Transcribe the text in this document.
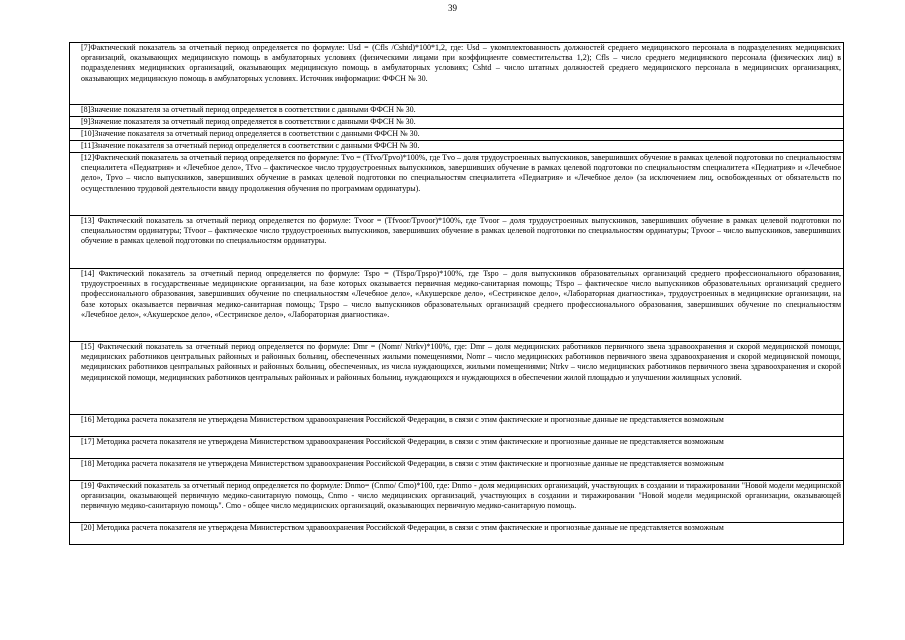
39
[7]Фактический показатель за отчетный период определяется по формуле: Usd = (Cfls /Cshtd)*100*1,2, где: Usd – укомплектованность должностей среднего медицинского персонала в подразделениях медицинских организаций, оказывающих медицинскую помощь в амбулаторных условиях (физическими лицами при коэффициенте совместительства 1,2); Cfls – число среднего медицинского персонала (физических лиц) в подразделениях медицинских организаций, оказывающих медицинскую помощь в амбулаторных условиях; Cshtd – число штатных должностей среднего медицинского персонала в медицинских организациях, оказывающих медицинскую помощь в амбулаторных условиях. Источник информации: ФФСН № 30.
[8]Значение показателя за отчетный период определяется в соответствии с данными ФФСН № 30.
[9]Значение показателя за отчетный период определяется в соответствии с данными ФФСН № 30.
[10]Значение показателя за отчетный период определяется в соответствии с данными ФФСН № 30.
[11]Значение показателя за отчетный период определяется в соответствии с данными ФФСН № 30.
[12]Фактический показатель за отчетный период определяется по формуле: Tvo = (Tfvo/Tpvo)*100%, где Tvo – доля трудоустроенных выпускников, завершивших обучение в рамках целевой подготовки по специальностям специалитета «Педиатрия» и «Лечебное дело», Tfvo – фактическое число трудоустроенных выпускников, завершивших обучение в рамках целевой подготовки по специальностям специалитета «Педиатрия» и «Лечебное дело», Tpvo – число выпускников, завершивших обучение в рамках целевой подготовки по специальностям специалитета «Педиатрия» и «Лечебное дело» (за исключением лиц, освобожденных от обязательств по осуществлению трудовой деятельности ввиду продолжения обучения по программам ординатуры).
[13] Фактический показатель за отчетный период определяется по формуле: Tvoor = (Tfvoor/Tpvoor)*100%, где Tvoor – доля трудоустроенных выпускников, завершивших обучение в рамках целевой подготовки по специальностям ординатуры; Tfvoor – фактическое число трудоустроенных выпускников, завершивших обучение в рамках целевой подготовки по специальностям ординатуры; Tpvoor – число выпускников, завершивших обучение в рамках целевой подготовки по специальностям ординатуры.
[14] Фактический показатель за отчетный период определяется по формуле: Tspo = (Tfspo/Tpspo)*100%, где Tspo – доля выпускников образовательных организаций среднего профессионального образования, трудоустроенных в государственные медицинские организации, на базе которых оказывается первичная медико-санитарная помощь; Tfspo – фактическое число выпускников образовательных организаций среднего профессионального образования, завершивших обучение по специальностям «Лечебное дело», «Акушерское дело», «Сестринское дело», «Лабораторная диагностика», трудоустроенных в медицинские организации, на базе которых оказывается первичная медико-санитарная помощь; Tpspo – число выпускников образовательных организаций среднего профессионального образования, завершивших обучение по специальностям «Лечебное дело», «Акушерское дело», «Сестринское дело», «Лабораторная диагностика».
[15] Фактический показатель за отчетный период определяется по формуле: Dmr = (Nomr/ Ntrkv)*100%, где: Dmr – доля медицинских работников первичного звена здравоохранения и скорой медицинской помощи, медицинских работников центральных районных и районных больниц, обеспеченных жилыми помещениями, Nomr – число медицинских работников первичного звена здравоохранения и скорой медицинской помощи, медицинских работников центральных районных и районных больниц, обеспеченных, из числа нуждающихся, жилыми помещениями; Ntrkv – число медицинских работников первичного звена здравоохранения и скорой медицинской помощи, медицинских работников центральных районных и районных больниц, нуждающихся и нуждающихся в обеспечении жилой площадью и улучшении жилищных условий.
[16] Методика расчета показателя не утверждена Министерством здравоохранения Российской Федерации, в связи с этим фактические и прогнозные данные не представляется возможным
[17] Методика расчета показателя не утверждена Министерством здравоохранения Российской Федерации, в связи с этим фактические и прогнозные данные не представляется возможным
[18] Методика расчета показателя не утверждена Министерством здравоохранения Российской Федерации, в связи с этим фактические и прогнозные данные не представляется возможным
[19] Фактический показатель за отчетный период определяется по формуле: Dnmo= (Cnmo/ Cmo)*100, где: Dnmo - доля медицинских организаций, участвующих в создании и тиражировании "Новой модели медицинской организации, оказывающей первичную медико-санитарную помощь, Cnmo - число медицинских организаций, участвующих в создании и тиражировании "Новой модели медицинской организации, оказывающей первичную медико-санитарную помощь". Cmo - общее число медицинских организаций, оказывающих первичную медико-санитарную помощь.
[20] Методика расчета показателя не утверждена Министерством здравоохранения Российской Федерации, в связи с этим фактические и прогнозные данные не представляется возможным
